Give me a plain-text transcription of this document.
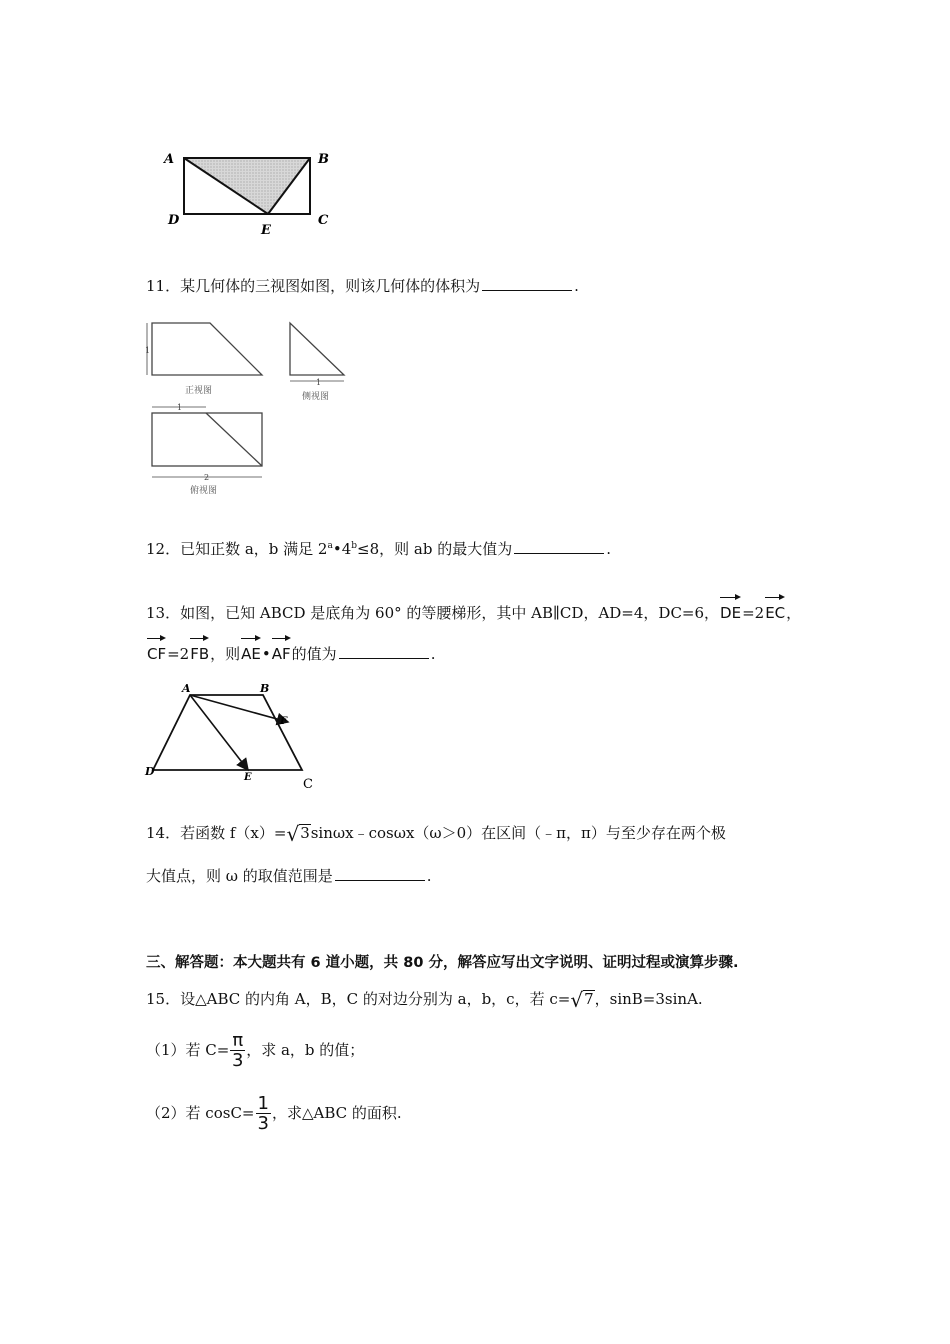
A	B
D	C
E
11．某几何体的三视图如图，则该几何体的体积为	.
1
1
1
2
正视图
侧视图
俯视图
12．已知正数 a，b 满足 $2^a•4^b\le 8$，则 ab 的最大值为	.
13．如图，已知 ABCD 是底角为 60° 的等腰梯形，其中 AB∥CD，AD=4，DC=6，DE=2EC，
CF=2FB，则AE•AF的值为	.
A	B
F
D	E	C
14．若函数 f（x）=√3sinωx﹣cosωx（ω＞0）在区间（﹣π，π）与至少存在两个极
大值点，则 ω 的取值范围是	.
三、解答题：本大题共有 6 道小题，共 80 分，解答应写出文字说明、证明过程或演算步骤.
15．设△ABC 的内角 A，B，C 的对边分别为 a，b，c，若 c=√7，sinB=3sinA.
（1）若 $C= \frac{\pi}{3}$ ，求 a，b 的值；
（2）若 $\cos C= \frac{1}{3}$ ，求△ABC 的面积.
